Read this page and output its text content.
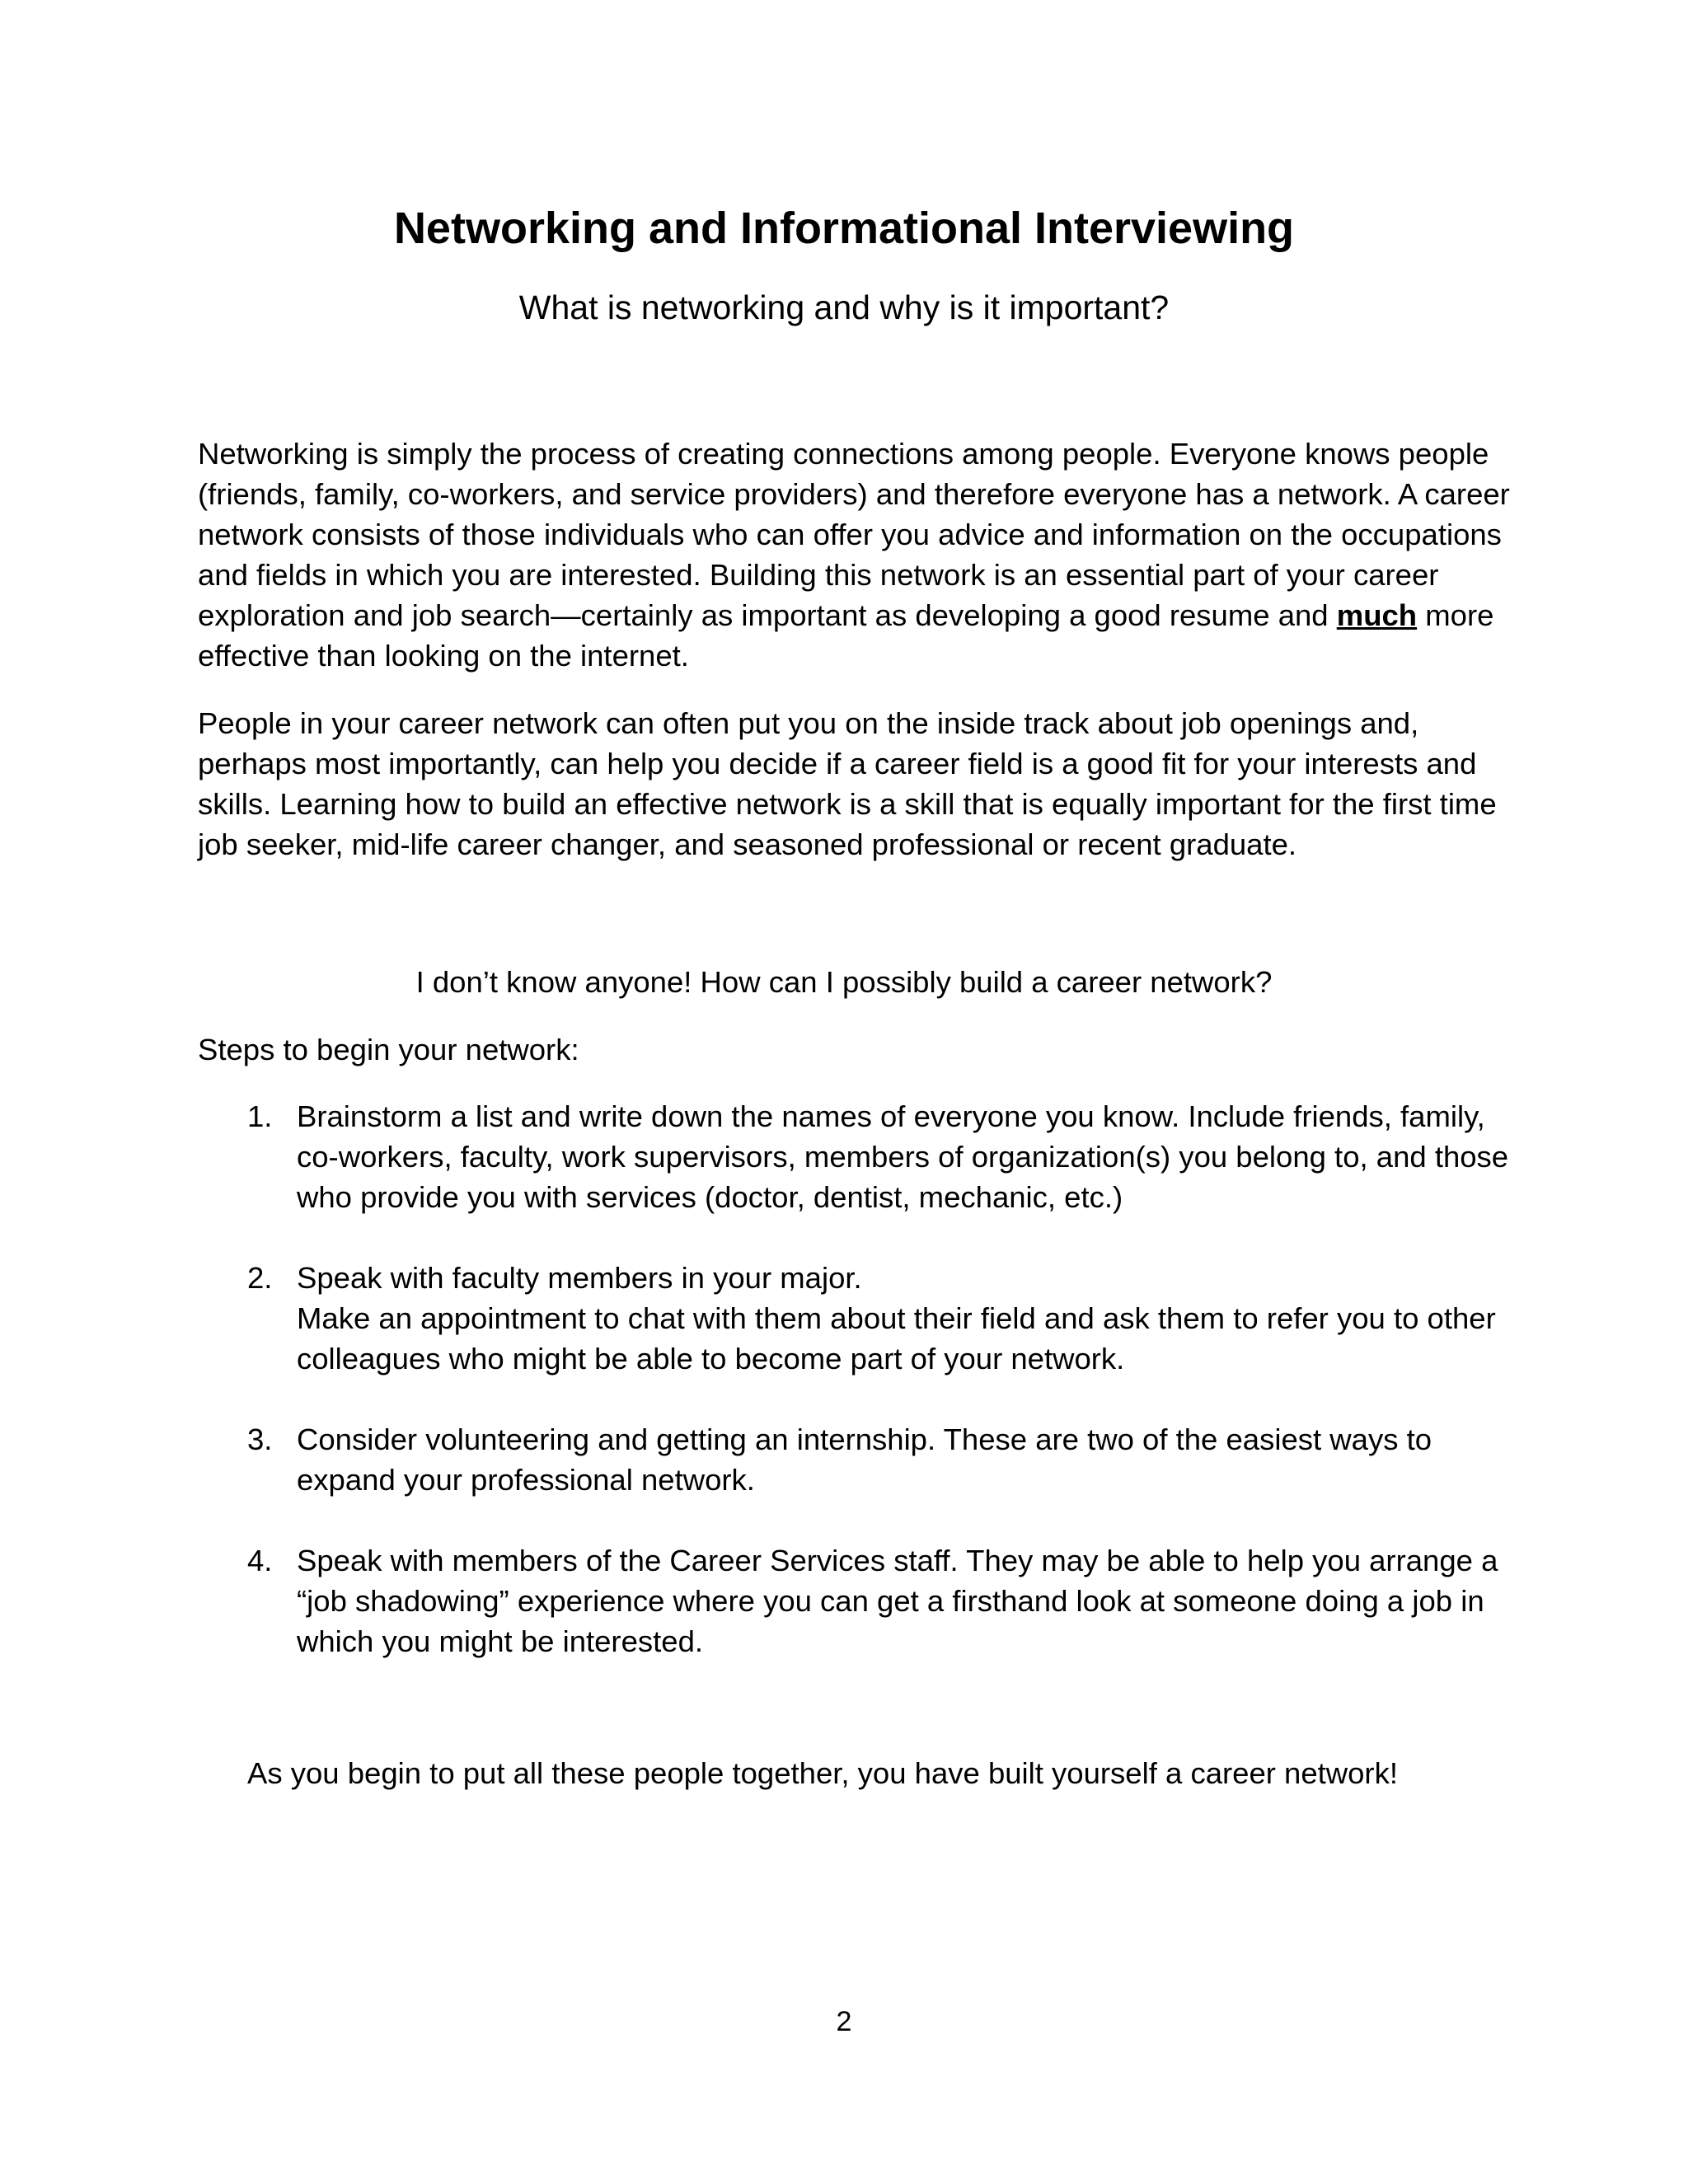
Networking and Informational Interviewing
What is networking and why is it important?

Networking is simply the process of creating connections among people. Everyone knows people (friends, family, co-workers, and service providers) and therefore everyone has a network. A career network consists of those individuals who can offer you advice and information on the occupations and fields in which you are interested. Building this network is an essential part of your career exploration and job search—certainly as important as developing a good resume and much more effective than looking on the internet.

People in your career network can often put you on the inside track about job openings and, perhaps most importantly, can help you decide if a career field is a good fit for your interests and skills. Learning how to build an effective network is a skill that is equally important for the first time job seeker, mid-life career changer, and seasoned professional or recent graduate.

I don’t know anyone! How can I possibly build a career network?
Steps to begin your network:
1. Brainstorm a list and write down the names of everyone you know. Include friends, family, co-workers, faculty, work supervisors, members of organization(s) you belong to, and those who provide you with services (doctor, dentist, mechanic, etc.)
2. Speak with faculty members in your major.
Make an appointment to chat with them about their field and ask them to refer you to other colleagues who might be able to become part of your network.
3. Consider volunteering and getting an internship. These are two of the easiest ways to expand your professional network.
4. Speak with members of the Career Services staff. They may be able to help you arrange a “job shadowing” experience where you can get a firsthand look at someone doing a job in which you might be interested.
As you begin to put all these people together, you have built yourself a career network!
2
